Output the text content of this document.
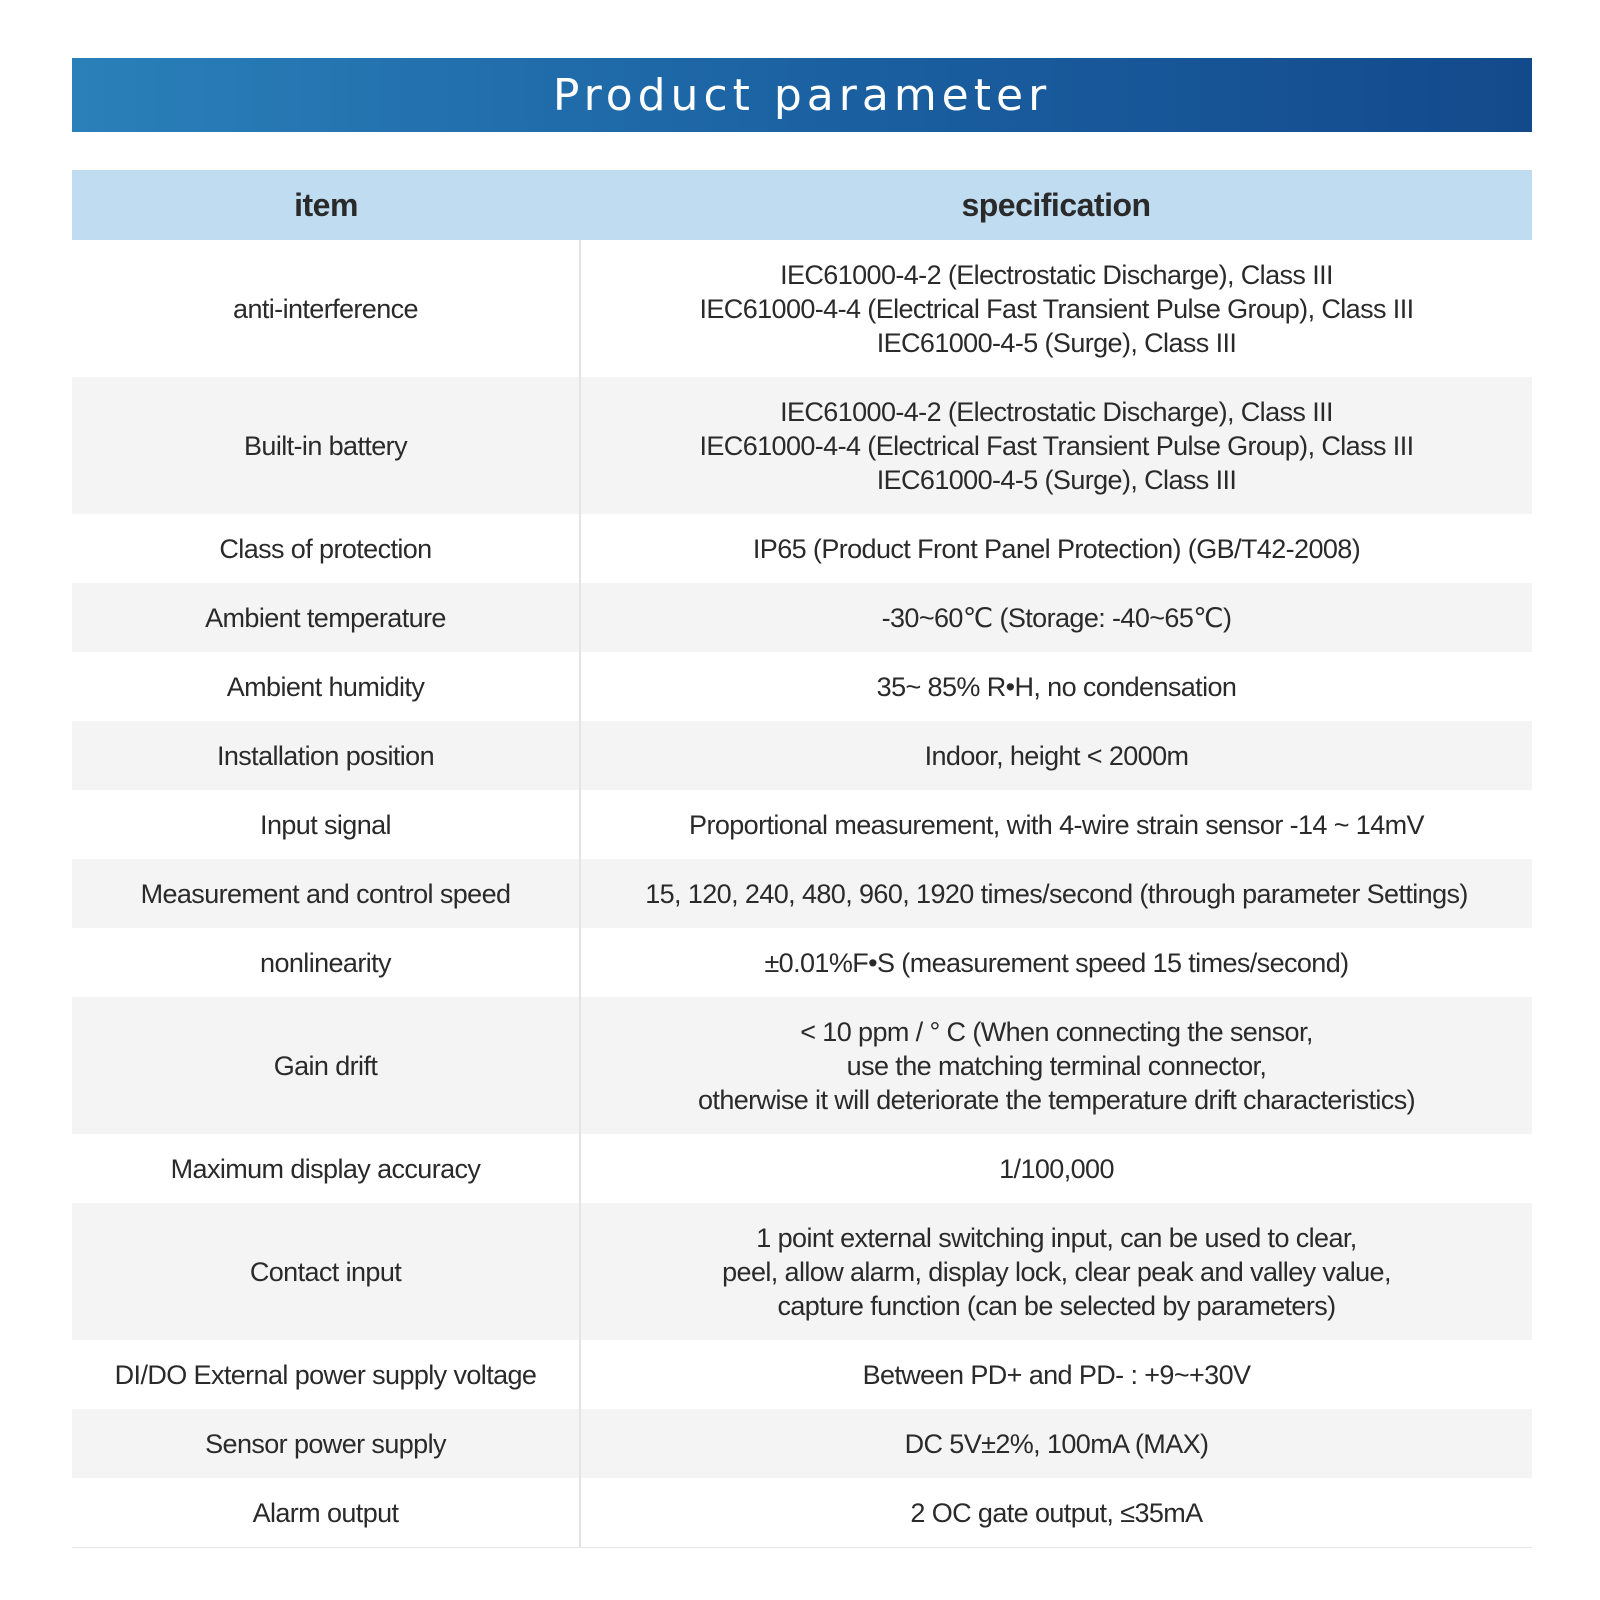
Product parameter
item	specification
anti-interference	IEC61000-4-2 (Electrostatic Discharge), Class III
IEC61000-4-4 (Electrical Fast Transient Pulse Group), Class III
IEC61000-4-5 (Surge), Class III

Built-in battery	IEC61000-4-2 (Electrostatic Discharge), Class III
IEC61000-4-4 (Electrical Fast Transient Pulse Group), Class III
IEC61000-4-5 (Surge), Class III

Class of protection	IP65 (Product Front Panel Protection) (GB/T42-2008)

Ambient temperature	-30~60℃ (Storage: -40~65℃)

Ambient humidity	35~ 85% R•H, no condensation

Installation position	Indoor, height < 2000m

Input signal	Proportional measurement, with 4-wire strain sensor -14 ~ 14mV

Measurement and control speed	15, 120, 240, 480, 960, 1920 times/second (through parameter Settings)

nonlinearity	±0.01%F•S (measurement speed 15 times/second)

Gain drift	< 10 ppm / ° C (When connecting the sensor,
use the matching terminal connector,
otherwise it will deteriorate the temperature drift characteristics)

Maximum display accuracy	1/100,000

Contact input	1 point external switching input, can be used to clear,
peel, allow alarm, display lock, clear peak and valley value,
capture function (can be selected by parameters)

DI/DO External power supply voltage	Between PD+ and PD- : +9~+30V

Sensor power supply	DC 5V±2%, 100mA (MAX)

Alarm output	2 OC gate output, ≤35mA
